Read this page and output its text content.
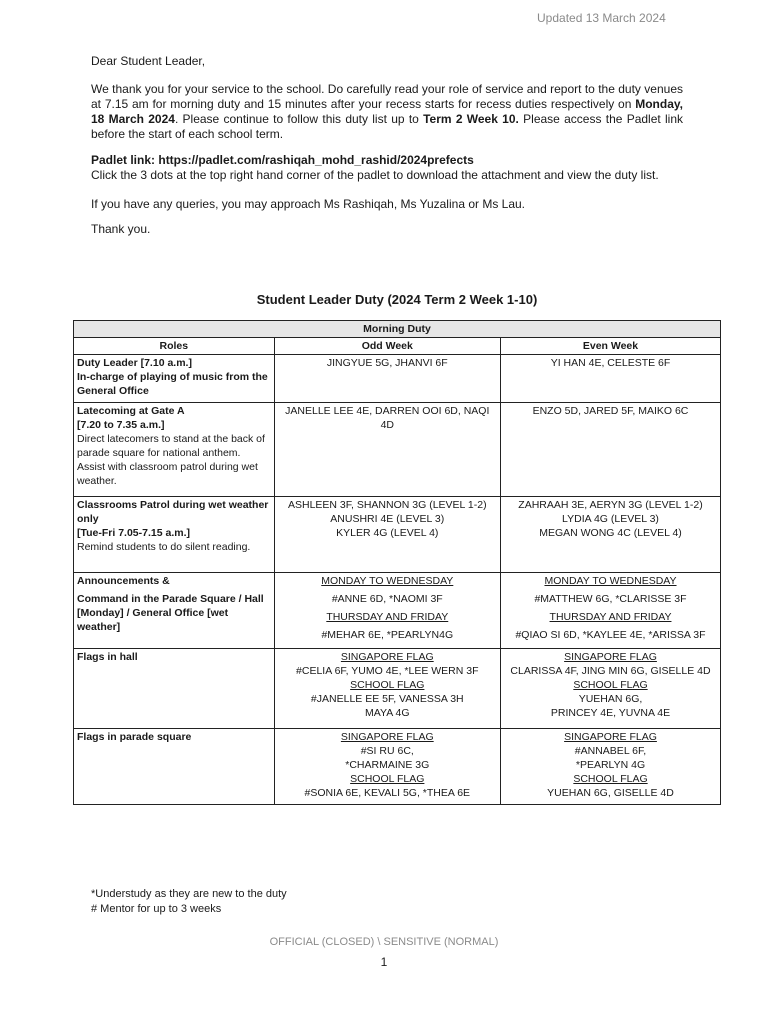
Updated 13 March 2024

Dear Student Leader,

We thank you for your service to the school. Do carefully read your role of service and report to the duty venues at 7.15 am for morning duty and 15 minutes after your recess starts for recess duties respectively on Monday, 18 March 2024. Please continue to follow this duty list up to Term 2 Week 10. Please access the Padlet link before the start of each school term.

Padlet link: https://padlet.com/rashiqah_mohd_rashid/2024prefects

Click the 3 dots at the top right hand corner of the padlet to download the attachment and view the duty list.

If you have any queries, you may approach Ms Rashiqah, Ms Yuzalina or Ms Lau.

Thank you.

Student Leader Duty (2024 Term 2 Week 1-10)
Morning Duty		
Roles	Odd Week	Even Week

Duty Leader [7.10 a.m.]
In-charge of playing of music from the General Office	JINGYUE 5G, JHANVI 6F	YI HAN 4E, CELESTE 6F

Latecoming at Gate A
[7.20 to 7.35 a.m.]
Direct latecomers to stand at the back of parade square for national anthem. Assist with classroom patrol during wet weather.	JANELLE LEE 4E, DARREN OOI 6D, NAQI 4D	ENZO 5D, JARED 5F, MAIKO 6C

Classrooms Patrol during wet weather only
[Tue-Fri 7.05-7.15 a.m.]
Remind students to do silent reading.	ASHLEEN 3F, SHANNON 3G (LEVEL 1-2)
ANUSHRI 4E (LEVEL 3)
KYLER 4G (LEVEL 4)	ZAHRAAH 3E, AERYN 3G (LEVEL 1-2)
LYDIA 4G (LEVEL 3)
MEGAN WONG 4C (LEVEL 4)

Announcements &
Command in the Parade Square / Hall [Monday] / General Office [wet weather]	MONDAY TO WEDNESDAY
#ANNE 6D, *NAOMI 3F
THURSDAY AND FRIDAY
#MEHAR 6E, *PEARLYN4G	MONDAY TO WEDNESDAY
#MATTHEW 6G, *CLARISSE 3F
THURSDAY AND FRIDAY
#QIAO SI 6D, *KAYLEE 4E, *ARISSA 3F

Flags in hall	SINGAPORE FLAG
#CELIA 6F, YUMO 4E, *LEE WERN 3F
SCHOOL FLAG
#JANELLE EE 5F, VANESSA 3H
MAYA 4G	SINGAPORE FLAG
CLARISSA 4F, JING MIN 6G, GISELLE 4D
SCHOOL FLAG
YUEHAN 6G,
PRINCEY 4E, YUVNA 4E

Flags in parade square	SINGAPORE FLAG
#SI RU 6C,
*CHARMAINE 3G
SCHOOL FLAG
#SONIA 6E, KEVALI 5G, *THEA 6E	SINGAPORE FLAG
#ANNABEL 6F,
*PEARLYN 4G
SCHOOL FLAG
YUEHAN 6G, GISELLE 4D
*Understudy as they are new to the duty
# Mentor for up to 3 weeks
OFFICIAL (CLOSED) \ SENSITIVE (NORMAL)
1
